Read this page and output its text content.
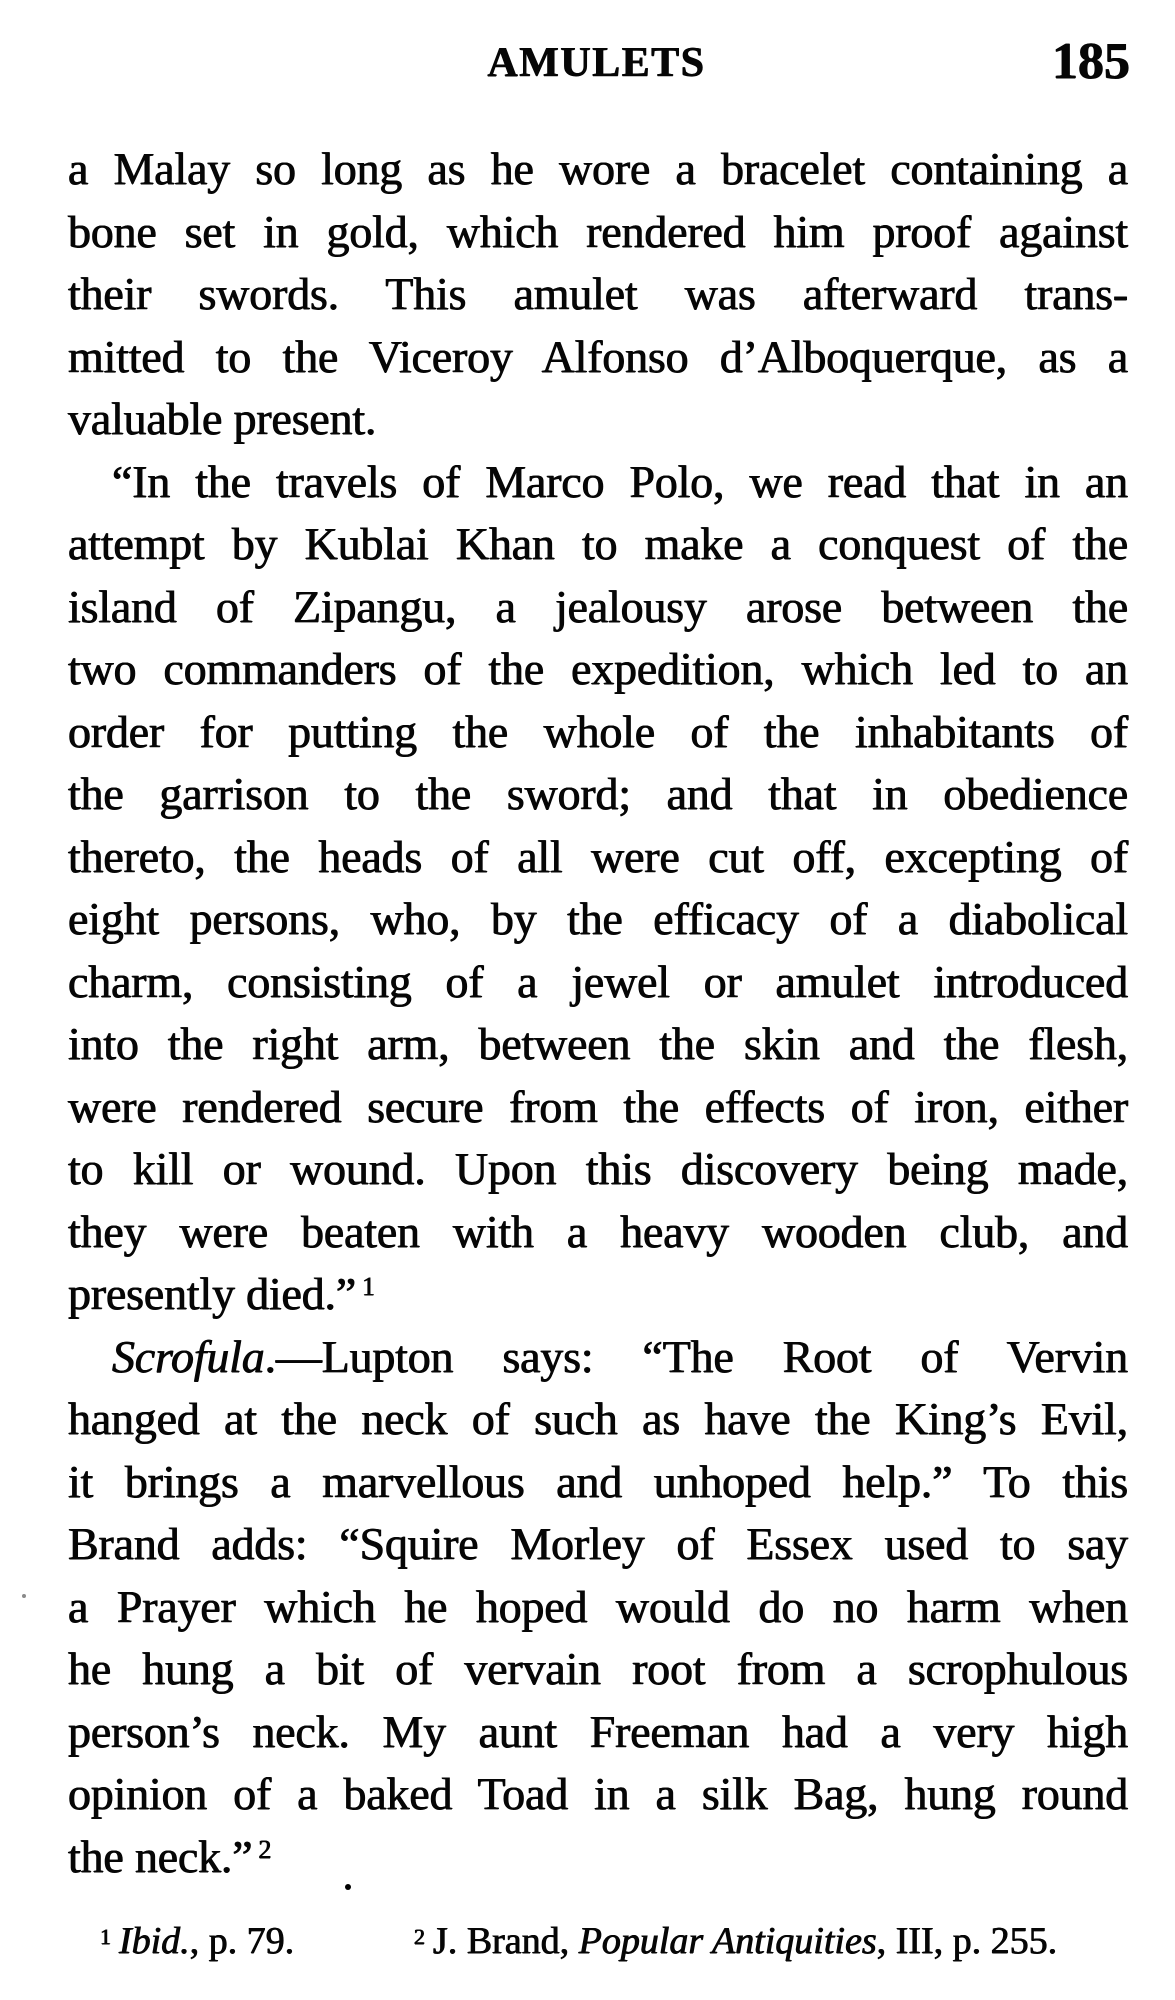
AMULETS	185
a Malay so long as he wore a bracelet containing a
bone set in gold, which rendered him proof against
their swords. This amulet was afterward trans-
mitted to the Viceroy Alfonso d’Alboquerque, as a
valuable present.
“In the travels of Marco Polo, we read that in an
attempt by Kublai Khan to make a conquest of the
island of Zipangu, a jealousy arose between the
two commanders of the expedition, which led to an
order for putting the whole of the inhabitants of
the garrison to the sword; and that in obedience
thereto, the heads of all were cut off, excepting of
eight persons, who, by the efficacy of a diabolical
charm, consisting of a jewel or amulet introduced
into the right arm, between the skin and the flesh,
were rendered secure from the effects of iron, either
to kill or wound. Upon this discovery being made,
they were beaten with a heavy wooden club, and
presently died.” $^1$
Scrofula.—Lupton says: “The Root of Vervin
hanged at the neck of such as have the King’s Evil,
it brings a marvellous and unhoped help.” To this
Brand adds: “Squire Morley of Essex used to say
a Prayer which he hoped would do no harm when
he hung a bit of vervain root from a scrophulous
person’s neck. My aunt Freeman had a very high
opinion of a baked Toad in a silk Bag, hung round
the neck.” $^2$
$^1$ Ibid., p. 79.	$^2$ J. Brand, Popular Antiquities, III, p. 255.
